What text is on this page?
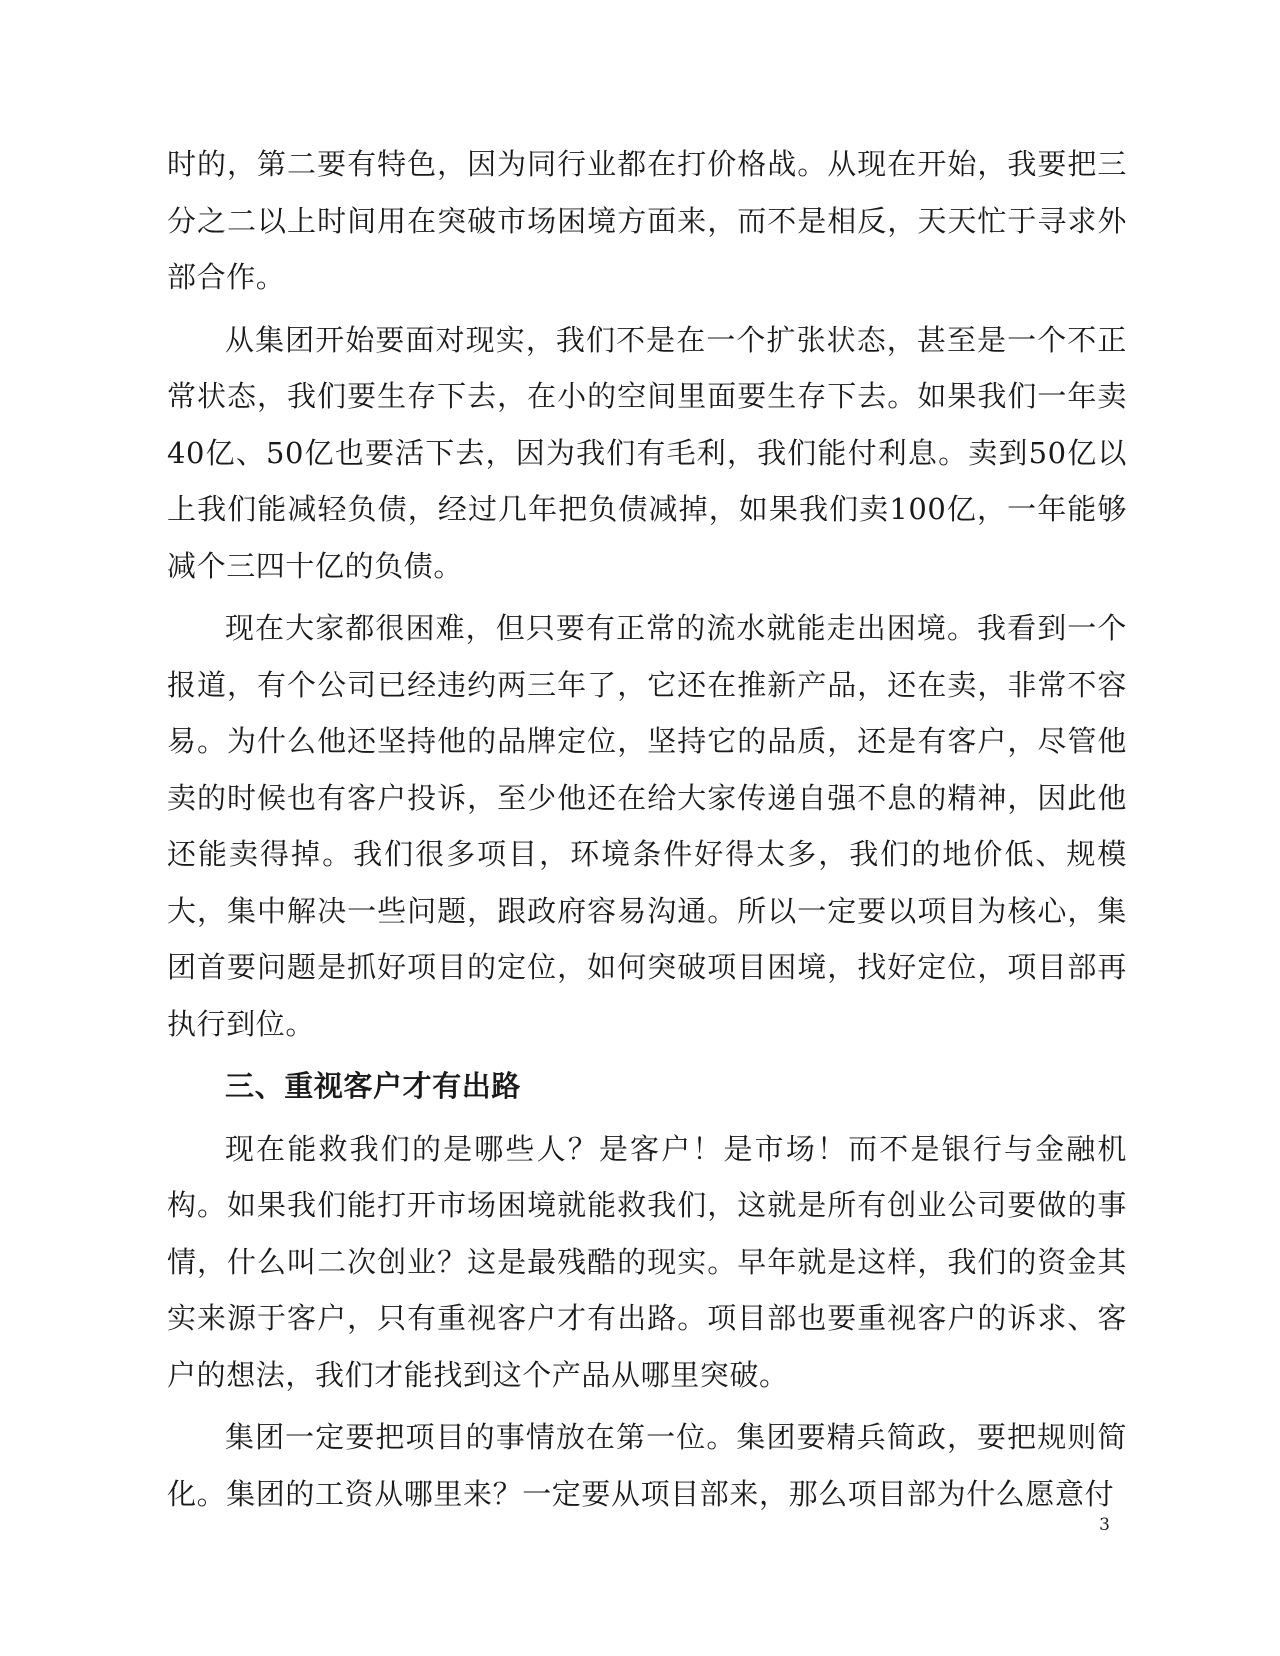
时的，第二要有特色，因为同行业都在打价格战。从现在开始，我要把三分之二以上时间用在突破市场困境方面来，而不是相反，天天忙于寻求外部合作。

从集团开始要面对现实，我们不是在一个扩张状态，甚至是一个不正常状态，我们要生存下去，在小的空间里面要生存下去。如果我们一年卖40亿、50亿也要活下去，因为我们有毛利，我们能付利息。卖到50亿以上我们能减轻负债，经过几年把负债减掉，如果我们卖100亿，一年能够减个三四十亿的负债。

现在大家都很困难，但只要有正常的流水就能走出困境。我看到一个报道，有个公司已经违约两三年了，它还在推新产品，还在卖，非常不容易。为什么他还坚持他的品牌定位，坚持它的品质，还是有客户，尽管他卖的时候也有客户投诉，至少他还在给大家传递自强不息的精神，因此他还能卖得掉。我们很多项目，环境条件好得太多，我们的地价低、规模大，集中解决一些问题，跟政府容易沟通。所以一定要以项目为核心，集团首要问题是抓好项目的定位，如何突破项目困境，找好定位，项目部再执行到位。

三、重视客户才有出路

现在能救我们的是哪些人？是客户！是市场！而不是银行与金融机构。如果我们能打开市场困境就能救我们，这就是所有创业公司要做的事情，什么叫二次创业？这是最残酷的现实。早年就是这样，我们的资金其实来源于客户，只有重视客户才有出路。项目部也要重视客户的诉求、客户的想法，我们才能找到这个产品从哪里突破。

集团一定要把项目的事情放在第一位。集团要精兵简政，要把规则简化。集团的工资从哪里来？一定要从项目部来，那么项目部为什么愿意付

3
